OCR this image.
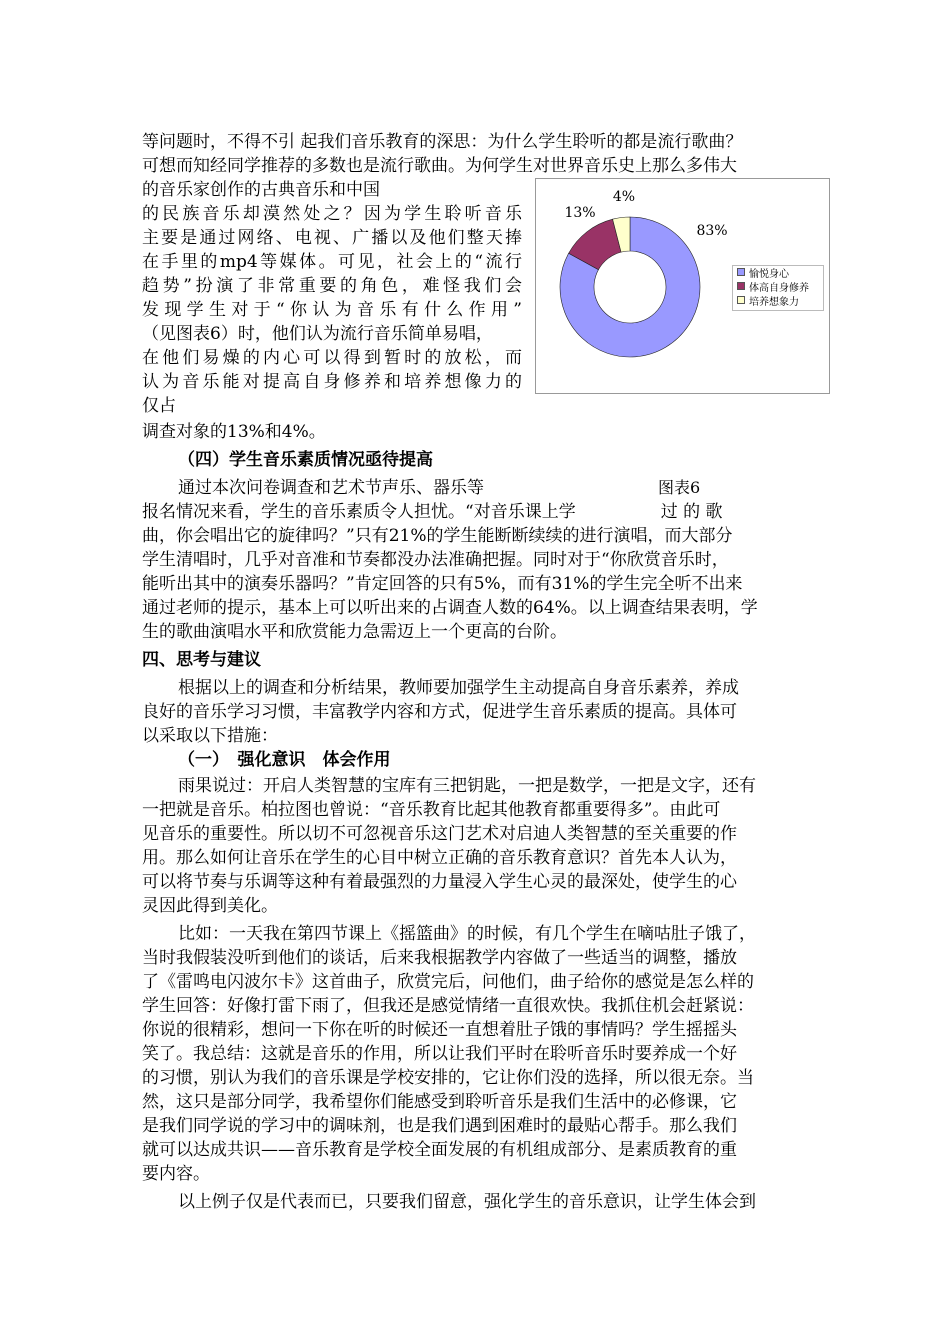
等问题时，不得不引 起我们音乐教育的深思：为什么学生聆听的都是流行歌曲？
可想而知经同学推荐的多数也是流行歌曲。为何学生对世界音乐史上那么多伟大
的音乐家创作的古典音乐和中国
的民族音乐却漠然处之？因为学生聆听音乐
主要是通过网络、电视、广播以及他们整天捧
在手里的mp4等媒体。可见，社会上的“流行
趋势”扮演了非常重要的角色，难怪我们会
发现学生对于“你认为音乐有什么作用”
（见图表6）时，他们认为流行音乐简单易唱，
在他们易燥的内心可以得到暂时的放松，而
认为音乐能对提高自身修养和培养想像力的
仅占
调查对象的13%和4%。
（四）学生音乐素质情况亟待提高
通过本次问卷调查和艺术节声乐、器乐等	图表6
报名情况来看，学生的音乐素质令人担忧。“对音乐课上学　　　　　过 的 歌
曲，你会唱出它的旋律吗？”只有21%的学生能断断续续的进行演唱，而大部分
学生清唱时，几乎对音准和节奏都没办法准确把握。同时对于“你欣赏音乐时，
能听出其中的演奏乐器吗？”肯定回答的只有5%，而有31%的学生完全听不出来
通过老师的提示，基本上可以听出来的占调查人数的64%。以上调查结果表明，学
生的歌曲演唱水平和欣赏能力急需迈上一个更高的台阶。
四、思考与建议
根据以上的调查和分析结果，教师要加强学生主动提高自身音乐素养，养成
良好的音乐学习习惯，丰富教学内容和方式，促进学生音乐素质的提高。具体可
以采取以下措施：
（一）　强化意识　体会作用
雨果说过：开启人类智慧的宝库有三把钥匙，一把是数学，一把是文字，还有
一把就是音乐。柏拉图也曾说：“音乐教育比起其他教育都重要得多”。由此可
见音乐的重要性。所以切不可忽视音乐这门艺术对启迪人类智慧的至关重要的作
用。那么如何让音乐在学生的心目中树立正确的音乐教育意识？首先本人认为，
可以将节奏与乐调等这种有着最强烈的力量浸入学生心灵的最深处，使学生的心
灵因此得到美化。
比如：一天我在第四节课上《摇篮曲》的时候，有几个学生在嘀咕肚子饿了，
当时我假装没听到他们的谈话，后来我根据教学内容做了一些适当的调整，播放
了《雷鸣电闪波尔卡》这首曲子，欣赏完后，问他们，曲子给你的感觉是怎么样的
学生回答：好像打雷下雨了，但我还是感觉情绪一直很欢快。我抓住机会赶紧说：
你说的很精彩，想问一下你在听的时候还一直想着肚子饿的事情吗？学生摇摇头
笑了。我总结：这就是音乐的作用，所以让我们平时在聆听音乐时要养成一个好
的习惯，别认为我们的音乐课是学校安排的，它让你们没的选择，所以很无奈。当
然，这只是部分同学，我希望你们能感受到聆听音乐是我们生活中的必修课，它
是我们同学说的学习中的调味剂，也是我们遇到困难时的最贴心帮手。那么我们
就可以达成共识——音乐教育是学校全面发展的有机组成部分、是素质教育的重
要内容。
以上例子仅是代表而已，只要我们留意，强化学生的音乐意识，让学生体会到
83%
13%
4%
愉悦身心
体高自身修养
培养想象力
